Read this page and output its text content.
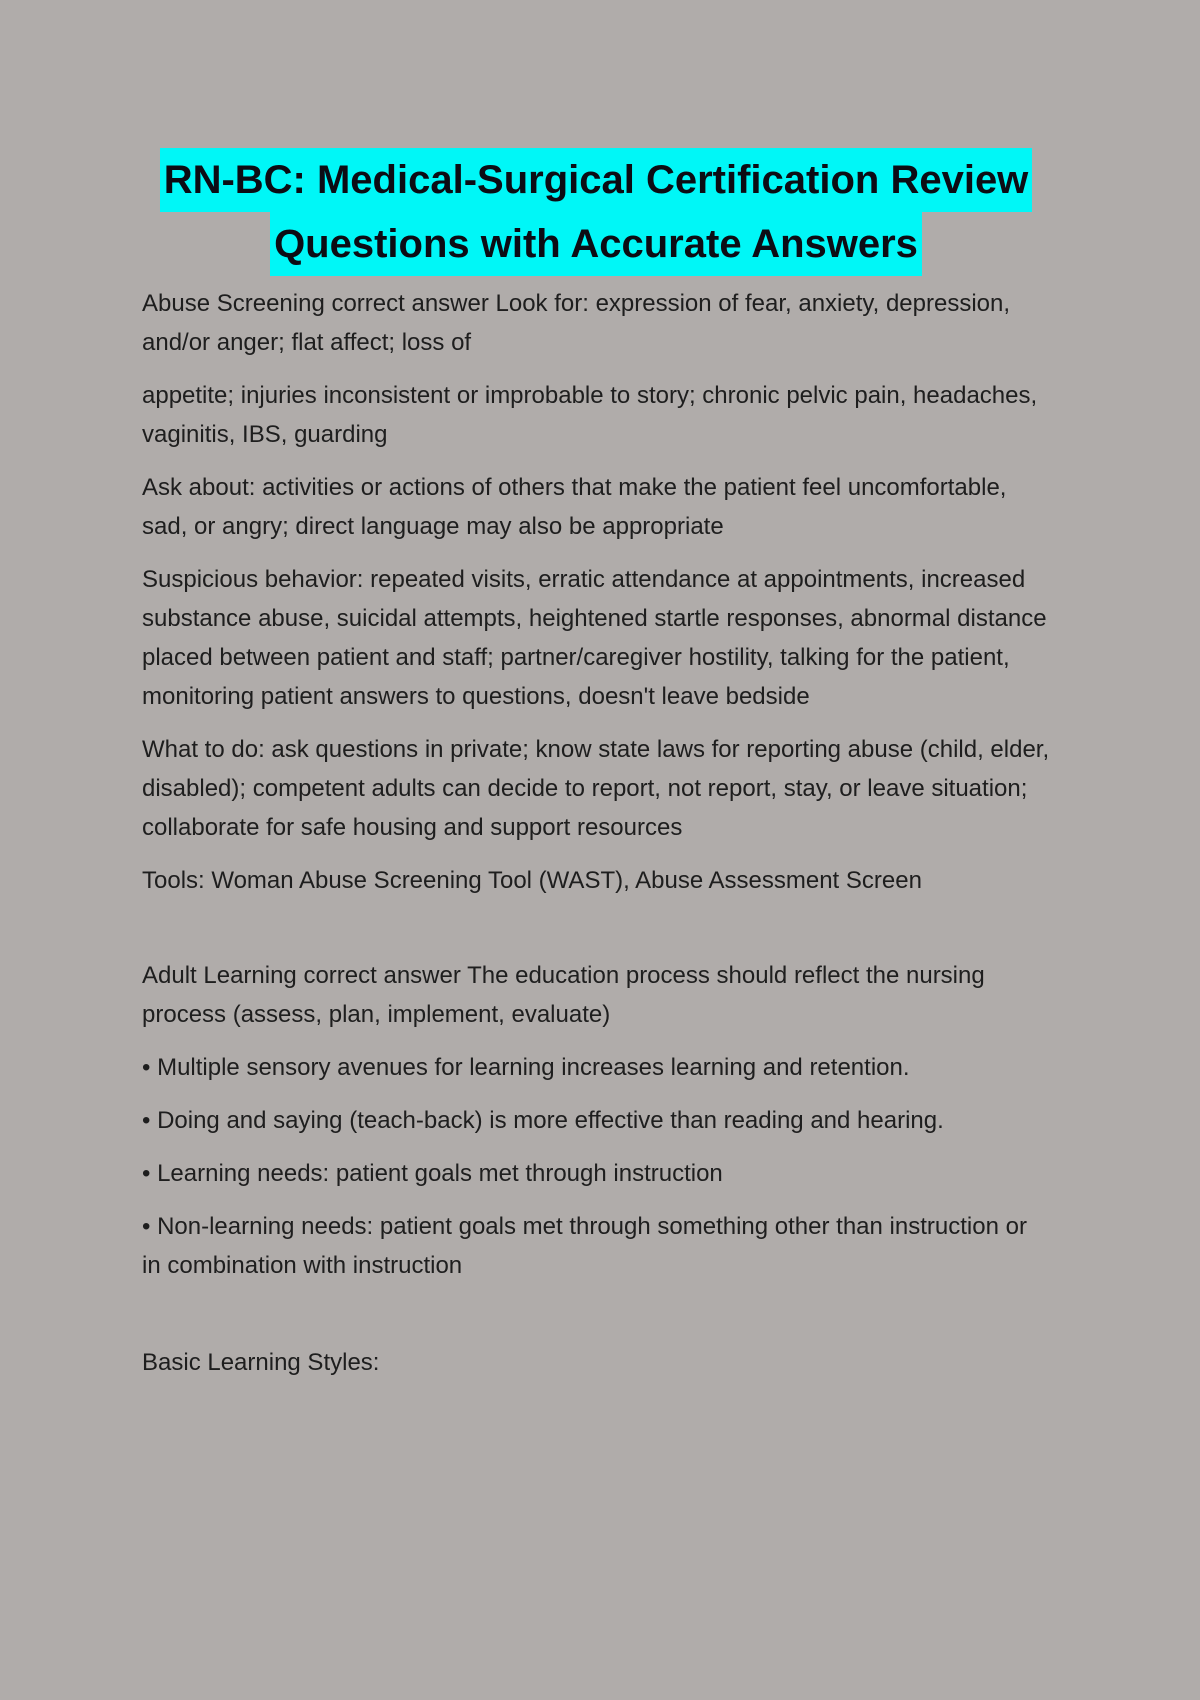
RN-BC: Medical-Surgical Certification Review
Questions with Accurate Answers

Abuse Screening correct answer Look for: expression of fear, anxiety, depression, and/or anger; flat affect; loss of

appetite; injuries inconsistent or improbable to story; chronic pelvic pain, headaches, vaginitis, IBS, guarding

Ask about: activities or actions of others that make the patient feel uncomfortable, sad, or angry; direct language may also be appropriate

Suspicious behavior: repeated visits, erratic attendance at appointments, increased substance abuse, suicidal attempts, heightened startle responses, abnormal distance placed between patient and staff; partner/caregiver hostility, talking for the patient, monitoring patient answers to questions, doesn't leave bedside

What to do: ask questions in private; know state laws for reporting abuse (child, elder, disabled); competent adults can decide to report, not report, stay, or leave situation; collaborate for safe housing and support resources

Tools: Woman Abuse Screening Tool (WAST), Abuse Assessment Screen

Adult Learning correct answer The education process should reflect the nursing process (assess, plan, implement, evaluate)

• Multiple sensory avenues for learning increases learning and retention.

• Doing and saying (teach-back) is more effective than reading and hearing.

• Learning needs: patient goals met through instruction

• Non-learning needs: patient goals met through something other than instruction or in combination with instruction

Basic Learning Styles:
